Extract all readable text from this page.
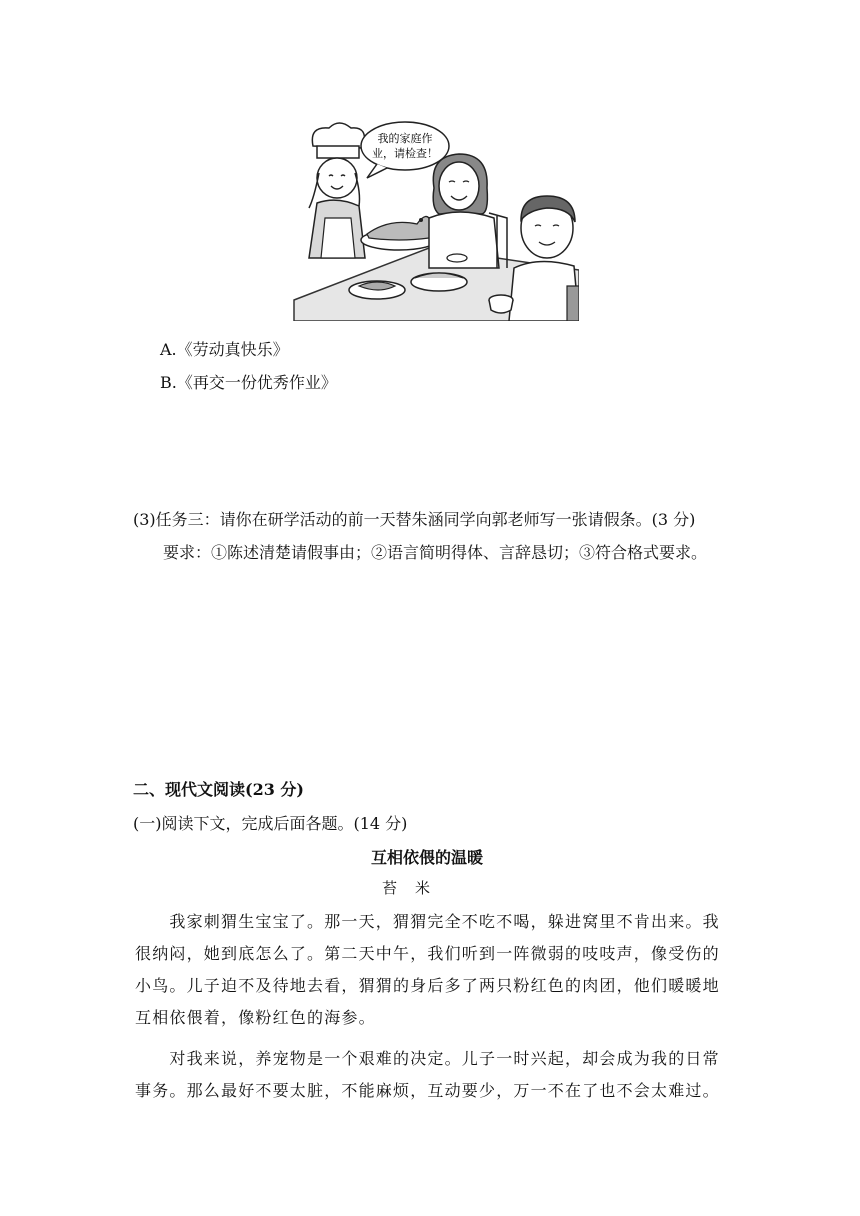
我的家庭作
业，请检查！
A.《劳动真快乐》
B.《再交一份优秀作业》
(3)任务三：请你在研学活动的前一天替朱涵同学向郭老师写一张请假条。(3 分)
要求：①陈述清楚请假事由；②语言简明得体、言辞恳切；③符合格式要求。
二、现代文阅读(23 分)
(一)阅读下文，完成后面各题。(14 分)
互相依偎的温暖
苔米

　　我家刺猬生宝宝了。那一天，猬猬完全不吃不喝，躲进窝里不肯出来。我

很纳闷，她到底怎么了。第二天中午，我们听到一阵微弱的吱吱声，像受伤的

小鸟。儿子迫不及待地去看，猬猬的身后多了两只粉红色的肉团，他们暖暖地

互相依偎着，像粉红色的海参。

　　对我来说，养宠物是一个艰难的决定。儿子一时兴起，却会成为我的日常

事务。那么最好不要太脏，不能麻烦，互动要少，万一不在了也不会太难过。
